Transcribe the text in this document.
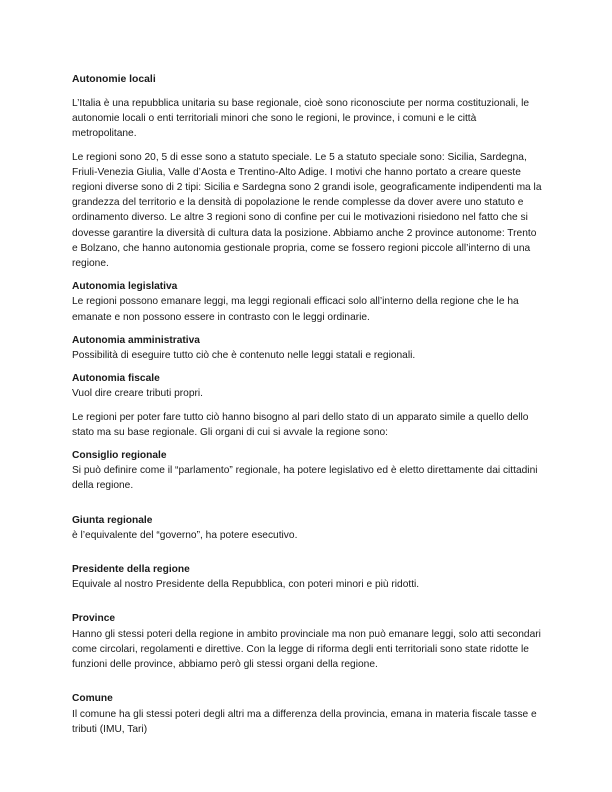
Autonomie locali

L’Italia è una repubblica unitaria su base regionale, cioè sono riconosciute per norma costituzionali, le autonomie locali o enti territoriali minori che sono le regioni, le province, i comuni e le città metropolitane.

Le regioni sono 20, 5 di esse sono a statuto speciale. Le 5 a statuto speciale sono: Sicilia, Sardegna, Friuli-Venezia Giulia, Valle d’Aosta e Trentino-Alto Adige. I motivi che hanno portato a creare queste regioni diverse sono di 2 tipi: Sicilia e Sardegna sono 2 grandi isole, geograficamente indipendenti ma la grandezza del territorio e la densità di popolazione le rende complesse da dover avere uno statuto e ordinamento diverso. Le altre 3 regioni sono di confine per cui le motivazioni risiedono nel fatto che si dovesse garantire la diversità di cultura data la posizione. Abbiamo anche 2 province autonome: Trento e Bolzano, che hanno autonomia gestionale propria, come se fossero regioni piccole all’interno di una regione.

Autonomia legislativa

Le regioni possono emanare leggi, ma leggi regionali efficaci solo all’interno della regione che le ha emanate e non possono essere in contrasto con le leggi ordinarie.

Autonomia amministrativa

Possibilità di eseguire tutto ciò che è contenuto nelle leggi statali e regionali.

Autonomia fiscale

Vuol dire creare tributi propri.

Le regioni per poter fare tutto ciò hanno bisogno al pari dello stato di un apparato simile a quello dello stato ma su base regionale. Gli organi di cui si avvale la regione sono:

Consiglio regionale

Si può definire come il “parlamento” regionale, ha potere legislativo ed è eletto direttamente dai cittadini della regione.

Giunta regionale

è l’equivalente del “governo”, ha potere esecutivo.

Presidente della regione

Equivale al nostro Presidente della Repubblica, con poteri minori e più ridotti.

Province

Hanno gli stessi poteri della regione in ambito provinciale ma non può emanare leggi, solo atti secondari come circolari, regolamenti e direttive. Con la legge di riforma degli enti territoriali sono state ridotte le funzioni delle province, abbiamo però gli stessi organi della regione.

Comune

Il comune ha gli stessi poteri degli altri ma a differenza della provincia, emana in materia fiscale tasse e tributi (IMU, Tari)
